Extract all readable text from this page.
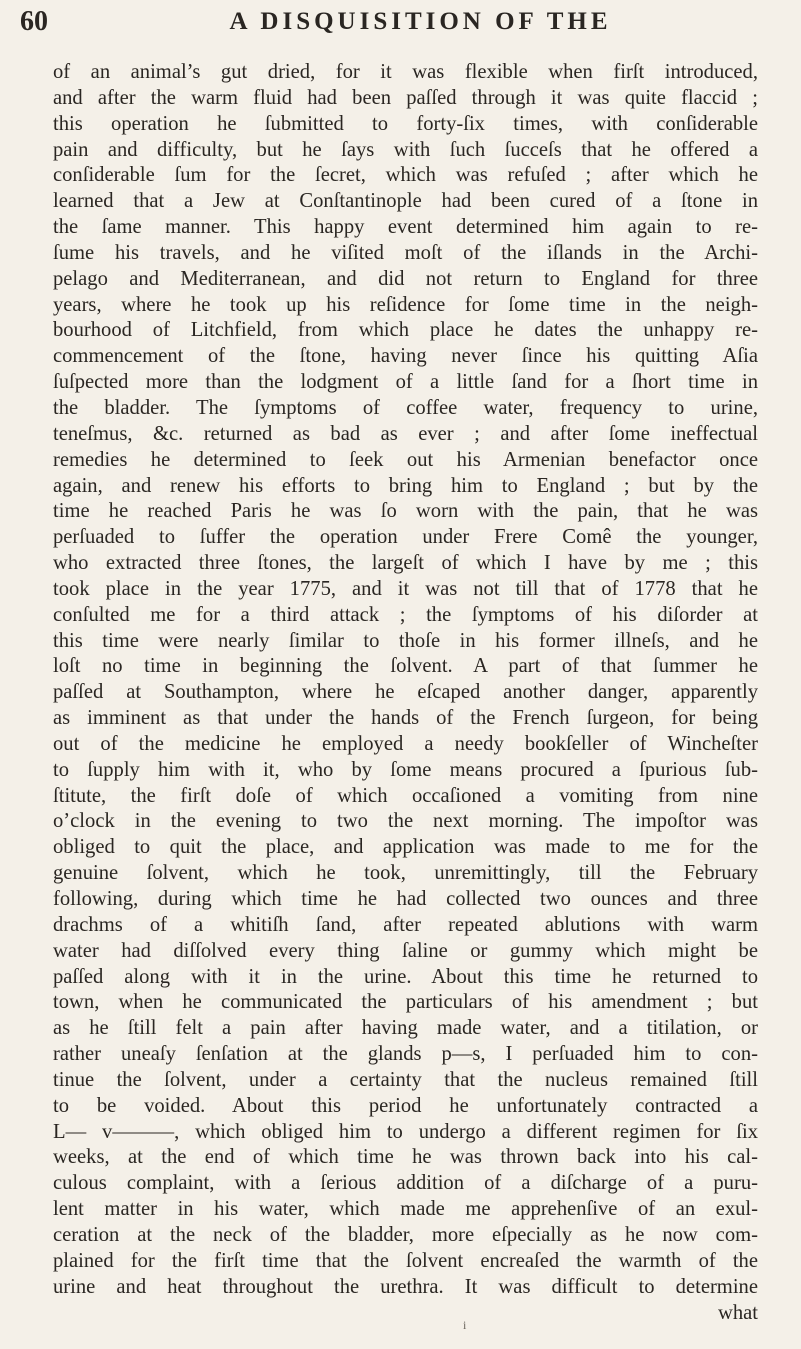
60	A DISQUISITION OF THE
of an animal’s gut dried, for it was flexible when firſt introduced,
and after the warm fluid had been paſſed through it was quite flaccid ;
this operation he ſubmitted to forty-ſix times, with conſiderable
pain and difficulty, but he ſays with ſuch ſucceſs that he offered a
conſiderable ſum for the ſecret, which was refuſed ; after which he
learned that a Jew at Conſtantinople had been cured of a ſtone in
the ſame manner. This happy event determined him again to re-
ſume his travels, and he viſited moſt of the iſlands in the Archi-
pelago and Mediterranean, and did not return to England for three
years, where he took up his reſidence for ſome time in the neigh-
bourhood of Litchfield, from which place he dates the unhappy re-
commencement of the ſtone, having never ſince his quitting Aſia
ſuſpected more than the lodgment of a little ſand for a ſhort time in
the bladder. The ſymptoms of coffee water, frequency to urine,
teneſmus, &c. returned as bad as ever ; and after ſome ineffectual
remedies he determined to ſeek out his Armenian benefactor once
again, and renew his efforts to bring him to England ; but by the
time he reached Paris he was ſo worn with the pain, that he was
perſuaded to ſuffer the operation under Frere Comê the younger,
who extracted three ſtones, the largeſt of which I have by me ; this
took place in the year 1775, and it was not till that of 1778 that he
conſulted me for a third attack ; the ſymptoms of his diſorder at
this time were nearly ſimilar to thoſe in his former illneſs, and he
loſt no time in beginning the ſolvent. A part of that ſummer he
paſſed at Southampton, where he eſcaped another danger, apparently
as imminent as that under the hands of the French ſurgeon, for being
out of the medicine he employed a needy bookſeller of Wincheſter
to ſupply him with it, who by ſome means procured a ſpurious ſub-
ſtitute, the firſt doſe of which occaſioned a vomiting from nine
o’clock in the evening to two the next morning. The impoſtor was
obliged to quit the place, and application was made to me for the
genuine ſolvent, which he took, unremittingly, till the February
following, during which time he had collected two ounces and three
drachms of a whitiſh ſand, after repeated ablutions with warm
water had diſſolved every thing ſaline or gummy which might be
paſſed along with it in the urine. About this time he returned to
town, when he communicated the particulars of his amendment ; but
as he ſtill felt a pain after having made water, and a titilation, or
rather uneaſy ſenſation at the glands p—s, I perſuaded him to con-
tinue the ſolvent, under a certainty that the nucleus remained ſtill
to be voided. About this period he unfortunately contracted a
L— v———, which obliged him to undergo a different regimen for ſix
weeks, at the end of which time he was thrown back into his cal-
culous complaint, with a ſerious addition of a diſcharge of a puru-
lent matter in his water, which made me apprehenſive of an exul-
ceration at the neck of the bladder, more eſpecially as he now com-
plained for the firſt time that the ſolvent encreaſed the warmth of the
urine and heat throughout the urethra. It was difficult to determine
what
i
